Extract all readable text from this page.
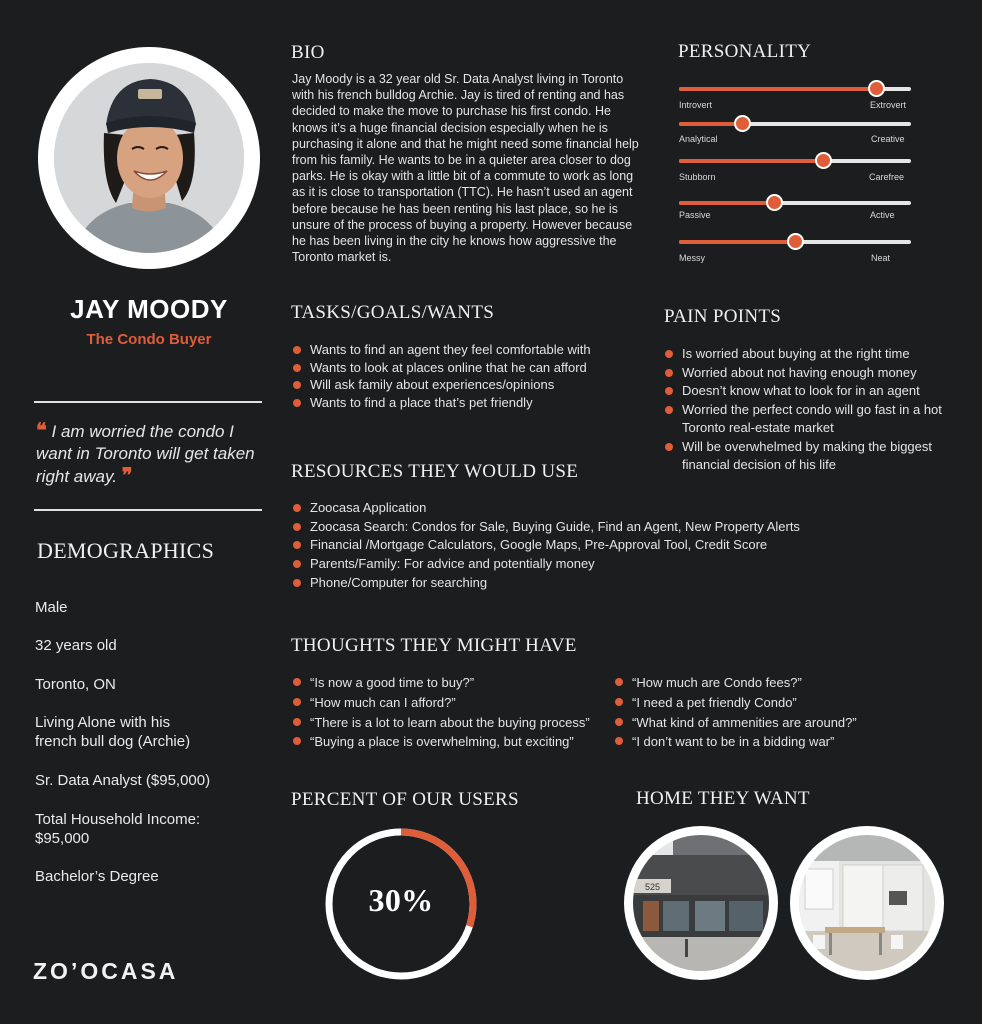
JAY MOODY
The Condo Buyer
❝ I am worried the condo I want in Toronto will get taken right away. ❞
DEMOGRAPHICS
Male
32 years old
Toronto, ON
Living Alone with his french bull dog (Archie)
Sr. Data Analyst ($95,000)
Total Household Income: $95,000
Bachelor’s Degree
ZO’OCASA
BIO
Jay Moody is a 32 year old Sr. Data Analyst living in Toronto with his french bulldog Archie. Jay is tired of renting and has decided to make the move to purchase his first condo. He knows it’s a huge financial decision especially when he is purchasing it alone and that he might need some financial help from his family. He wants to be in a quieter area closer to dog parks. He is okay with a little bit of a commute to work as long as it is close to transportation (TTC). He hasn’t used an agent before because he has been renting his last place, so he is unsure of the process of buying a property. However because he has been living in the city he knows how aggressive the Toronto market is.
PERSONALITY
Introvert	Extrovert
Analytical	Creative
Stubborn	Carefree
Passive	Active
Messy	Neat
TASKS/GOALS/WANTS
Wants to find an agent they feel comfortable with
Wants to look at places online that he can afford
Will ask family about experiences/opinions
Wants to find a place that’s pet friendly
PAIN POINTS
Is worried about buying at the right time
Worried about not having enough money
Doesn’t know what to look for in an agent
Worried the perfect condo will go fast in a hot Toronto real-estate market
Will be overwhelmed by making the biggest financial decision of his life
RESOURCES THEY WOULD USE
Zoocasa Application
Zoocasa Search: Condos for Sale, Buying Guide, Find an Agent, New Property Alerts
Financial /Mortgage Calculators, Google Maps, Pre-Approval Tool, Credit Score
Parents/Family: For advice and potentially money
Phone/Computer for searching
THOUGHTS THEY MIGHT HAVE
“Is now a good time to buy?”
“How much can I afford?”
“There is a lot to learn about the buying process”
“Buying a place is overwhelming, but exciting”
“How much are Condo fees?”
“I need a pet friendly Condo”
“What kind of ammenities are around?”
“I don’t want to be in a bidding war”
PERCENT OF OUR USERS
30%
HOME THEY WANT
525
